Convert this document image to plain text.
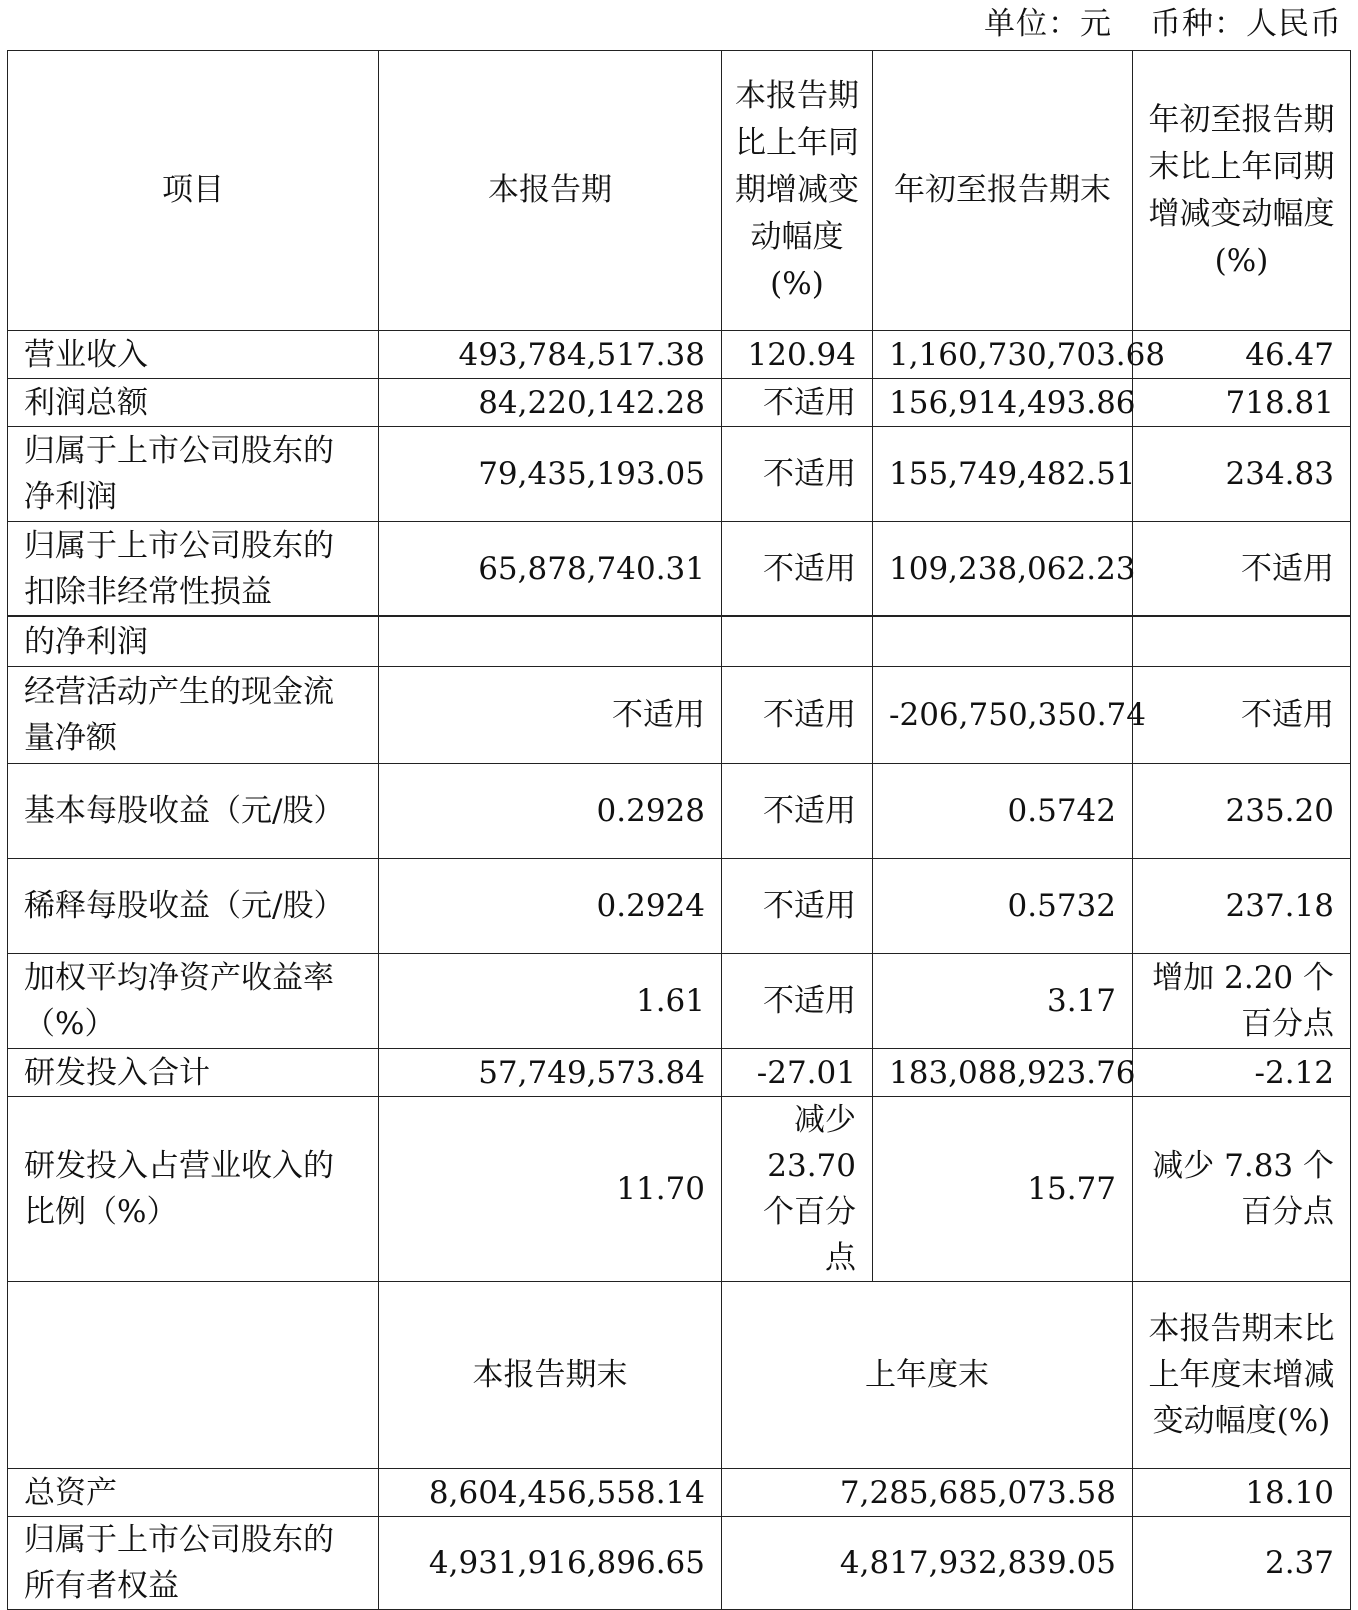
单位：元 币种：人民币
项目	本报告期	本报告期比上年同期增减变动幅度(%)	年初至报告期末	年初至报告期末比上年同期增减变动幅度(%)
营业收入	493,784,517.38	120.94	1,160,730,703.68	46.47
利润总额	84,220,142.28	不适用	156,914,493.86	718.81
归属于上市公司股东的净利润	79,435,193.05	不适用	155,749,482.51	234.83
归属于上市公司股东的扣除非经常性损益	65,878,740.31	不适用	109,238,062.23	不适用
的净利润				
经营活动产生的现金流量净额	不适用	不适用	-206,750,350.74	不适用
基本每股收益（元/股）	0.2928	不适用	0.5742	235.20
稀释每股收益（元/股）	0.2924	不适用	0.5732	237.18
加权平均净资产收益率（%）	1.61	不适用	3.17	增加 2.20 个百分点
研发投入合计	57,749,573.84	-27.01	183,088,923.76	-2.12
研发投入占营业收入的比例（%）	11.70	减少 23.70 个百分点	15.77	减少 7.83 个百分点
	本报告期末	上年度末		本报告期末比上年度末增减变动幅度(%)
总资产	8,604,456,558.14	7,285,685,073.58		18.10
归属于上市公司股东的所有者权益	4,931,916,896.65	4,817,932,839.05		2.37
